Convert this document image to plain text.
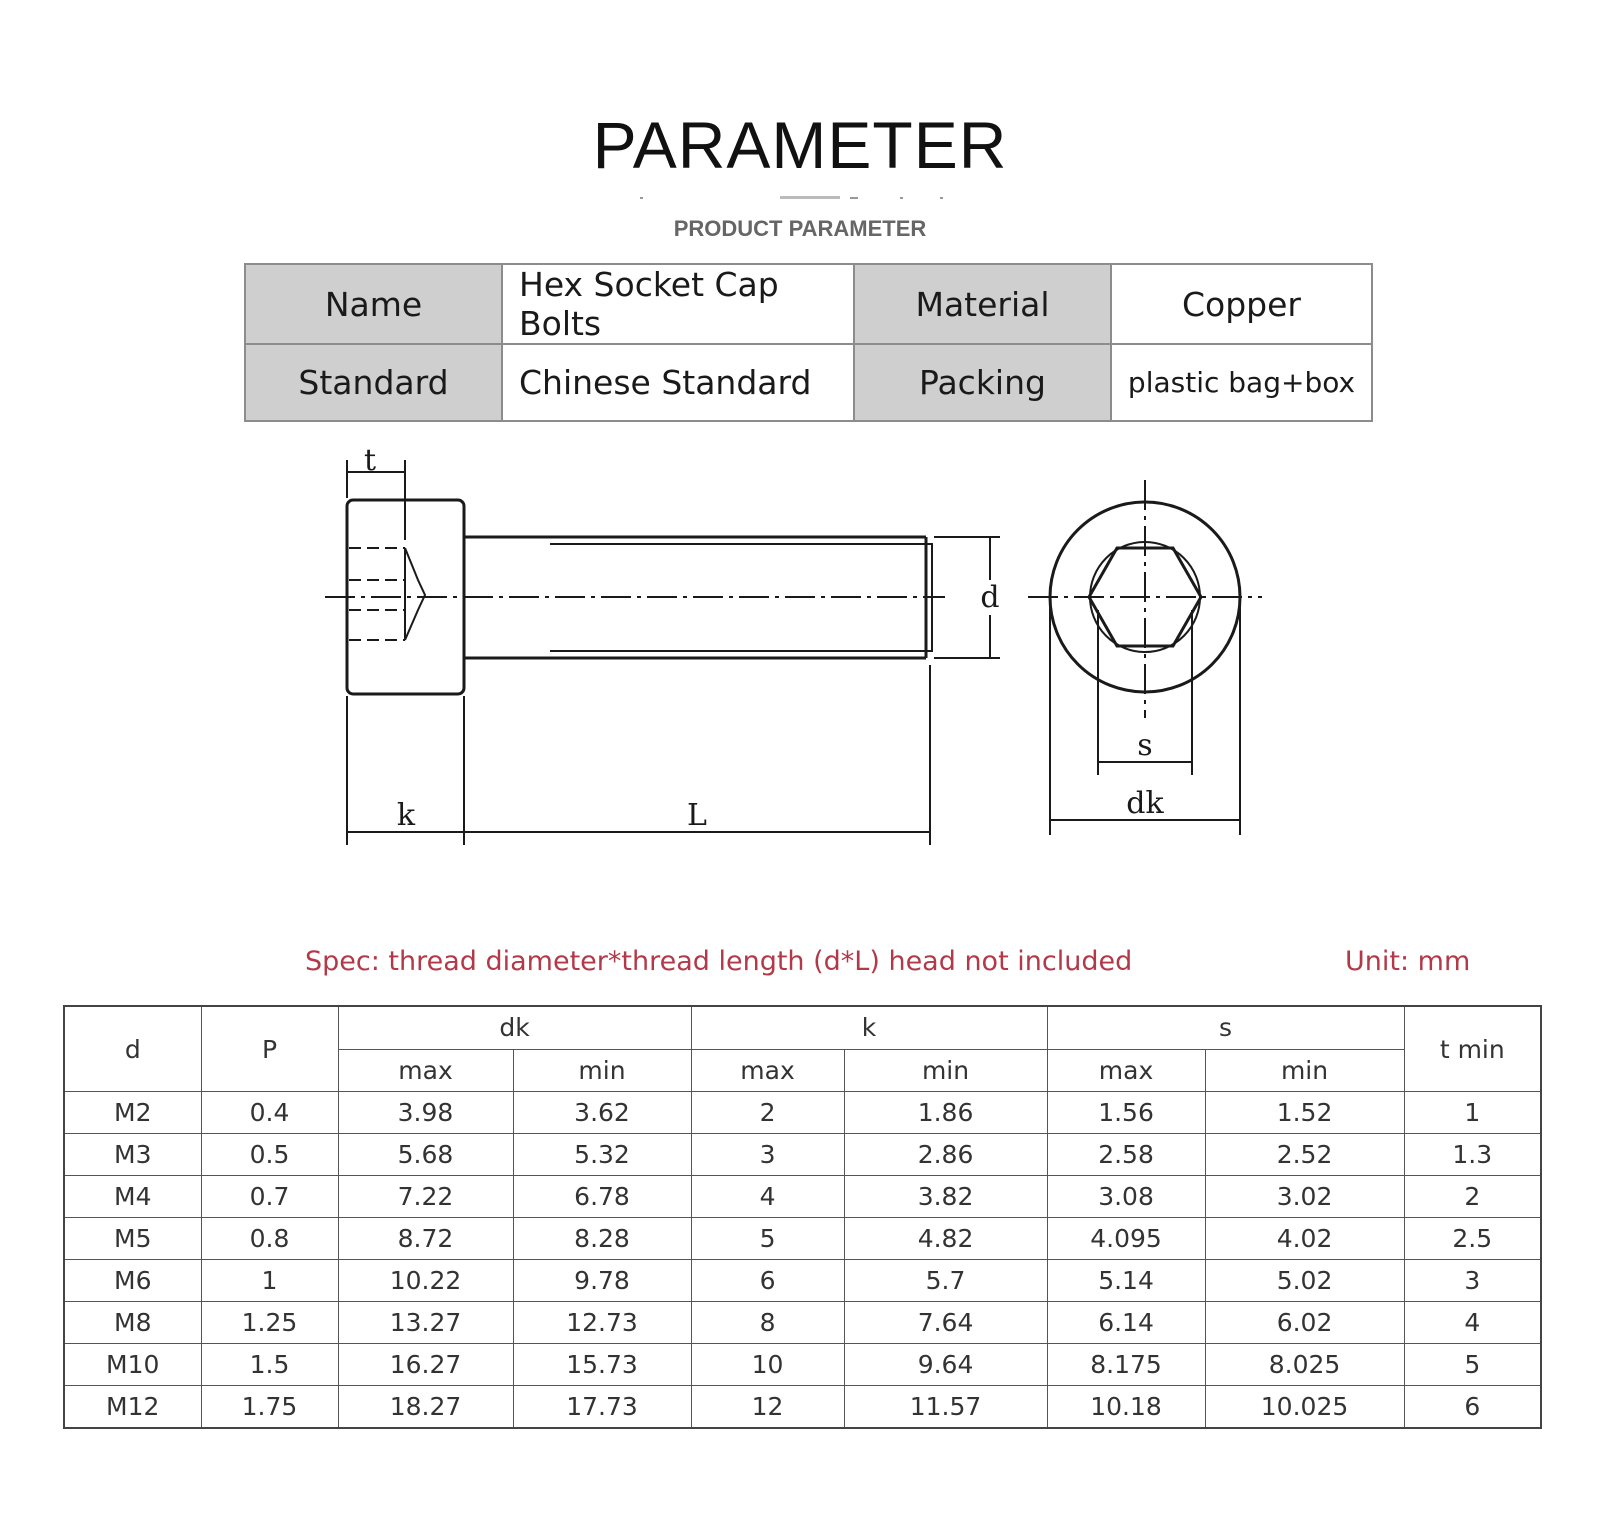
PARAMETER
PRODUCT PARAMETER
Name	Hex Socket Cap Bolts	Material	Copper
Standard	Chinese Standard	Packing	plastic bag+box
t
d
k	L
s
dk
Spec: thread diameter*thread length (d*L) head not included	Unit: mm
d	P	dk		k		s		t min
		max	min	max	min	max	min	
M2	0.4	3.98	3.62	2	1.86	1.56	1.52	1
M3	0.5	5.68	5.32	3	2.86	2.58	2.52	1.3
M4	0.7	7.22	6.78	4	3.82	3.08	3.02	2
M5	0.8	8.72	8.28	5	4.82	4.095	4.02	2.5
M6	1	10.22	9.78	6	5.7	5.14	5.02	3
M8	1.25	13.27	12.73	8	7.64	6.14	6.02	4
M10	1.5	16.27	15.73	10	9.64	8.175	8.025	5
M12	1.75	18.27	17.73	12	11.57	10.18	10.025	6
